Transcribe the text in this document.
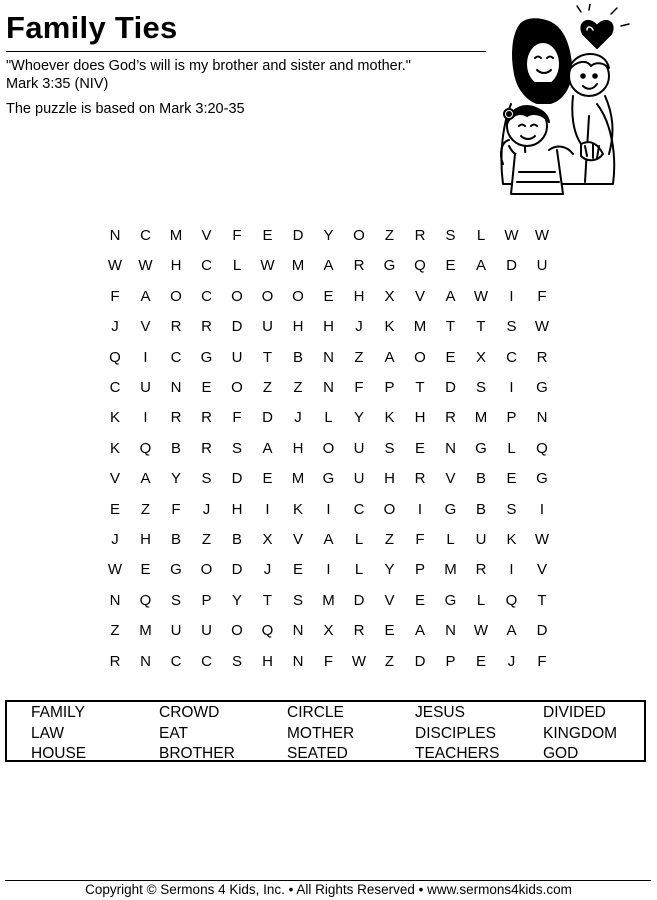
Family Ties
"Whoever does God’s will is my brother and sister and mother."
Mark 3:35 (NIV)
The puzzle is based on Mark 3:20-35
N	C	M	V	F	E	D	Y	O	Z	R	S	L	W	W
W	W	H	C	L	W	M	A	R	G	Q	E	A	D	U
F	A	O	C	O	O	O	E	H	X	V	A	W	I	F
J	V	R	R	D	U	H	H	J	K	M	T	T	S	W
Q	I	C	G	U	T	B	N	Z	A	O	E	X	C	R
C	U	N	E	O	Z	Z	N	F	P	T	D	S	I	G
K	I	R	R	F	D	J	L	Y	K	H	R	M	P	N
K	Q	B	R	S	A	H	O	U	S	E	N	G	L	Q
V	A	Y	S	D	E	M	G	U	H	R	V	B	E	G
E	Z	F	J	H	I	K	I	C	O	I	G	B	S	I
J	H	B	Z	B	X	V	A	L	Z	F	L	U	K	W
W	E	G	O	D	J	E	I	L	Y	P	M	R	I	V
N	Q	S	P	Y	T	S	M	D	V	E	G	L	Q	T
Z	M	U	U	O	Q	N	X	R	E	A	N	W	A	D
R	N	C	C	S	H	N	F	W	Z	D	P	E	J	F
FAMILY	CROWD	CIRCLE	JESUS	DIVIDED
LAW	EAT	MOTHER	DISCIPLES	KINGDOM
HOUSE	BROTHER	SEATED	TEACHERS	GOD
Copyright © Sermons 4 Kids, Inc. • All Rights Reserved • www.sermons4kids.com
